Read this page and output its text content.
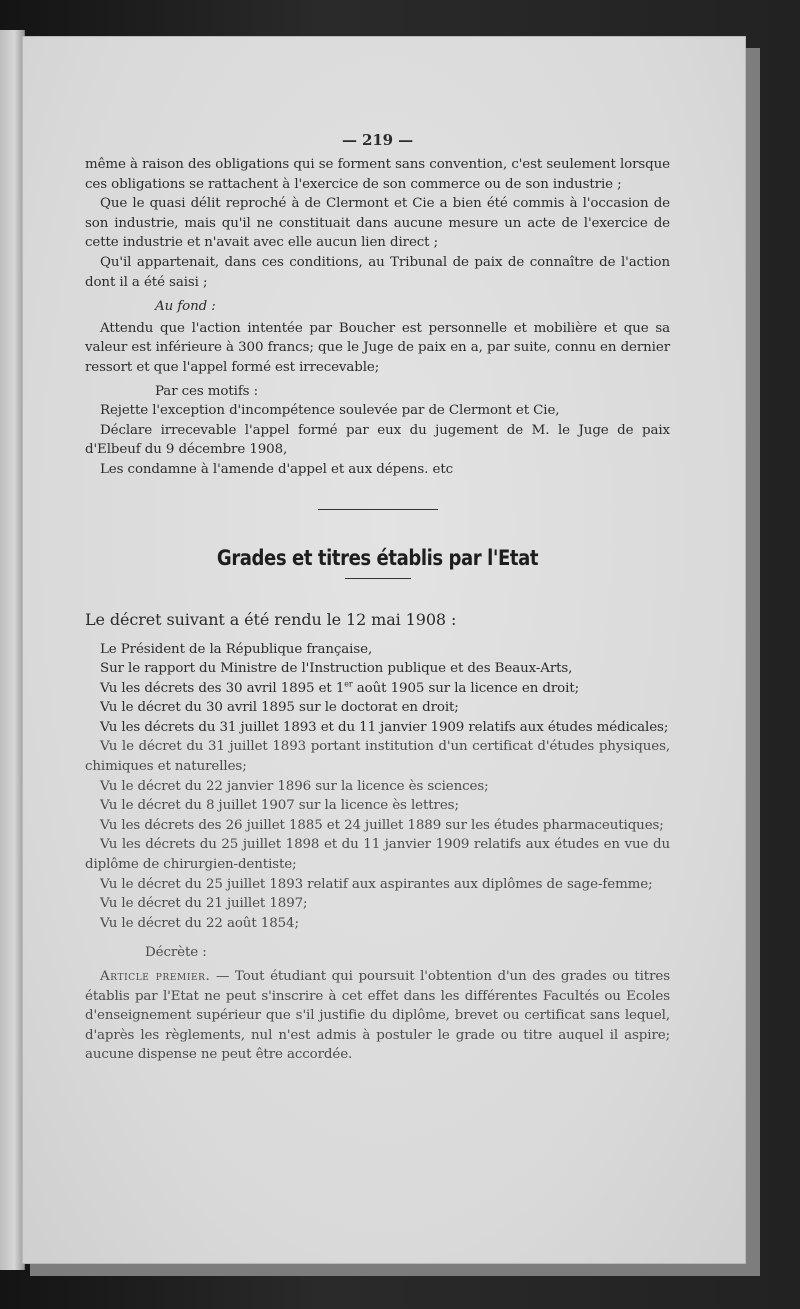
— 219 —

même à raison des obligations qui se forment sans convention, c'est seulement lorsque ces obligations se rattachent à l'exercice de son commerce ou de son industrie ;

Que le quasi délit reproché à de Clermont et Cie a bien été commis à l'occasion de son industrie, mais qu'il ne constituait dans aucune mesure un acte de l'exercice de cette industrie et n'avait avec elle aucun lien direct ;

Qu'il appartenait, dans ces conditions, au Tribunal de paix de connaître de l'action dont il a été saisi ;

Au fond :

Attendu que l'action intentée par Boucher est personnelle et mobilière et que sa valeur est inférieure à 300 francs; que le Juge de paix en a, par suite, connu en dernier ressort et que l'appel formé est irrecevable;

Par ces motifs :

Rejette l'exception d'incompétence soulevée par de Clermont et Cie,

Déclare irrecevable l'appel formé par eux du jugement de M. le Juge de paix d'Elbeuf du 9 décembre 1908,

Les condamne à l'amende d'appel et aux dépens. etc

Grades et titres établis par l'Etat

Le décret suivant a été rendu le 12 mai 1908 :

Le Président de la République française,

Sur le rapport du Ministre de l'Instruction publique et des Beaux-Arts,

Vu les décrets des 30 avril 1895 et 1er août 1905 sur la licence en droit;

Vu le décret du 30 avril 1895 sur le doctorat en droit;

Vu les décrets du 31 juillet 1893 et du 11 janvier 1909 relatifs aux études médicales;

Vu le décret du 31 juillet 1893 portant institution d'un certificat d'études physiques, chimiques et naturelles;

Vu le décret du 22 janvier 1896 sur la licence ès sciences;

Vu le décret du 8 juillet 1907 sur la licence ès lettres;

Vu les décrets des 26 juillet 1885 et 24 juillet 1889 sur les études pharmaceutiques;

Vu les décrets du 25 juillet 1898 et du 11 janvier 1909 relatifs aux études en vue du diplôme de chirurgien-dentiste;

Vu le décret du 25 juillet 1893 relatif aux aspirantes aux diplômes de sage-femme;

Vu le décret du 21 juillet 1897;

Vu le décret du 22 août 1854;

Décrète :

Article premier. — Tout étudiant qui poursuit l'obtention d'un des grades ou titres établis par l'Etat ne peut s'inscrire à cet effet dans les différentes Facultés ou Ecoles d'enseignement supérieur que s'il justifie du diplôme, brevet ou certificat sans lequel, d'après les règlements, nul n'est admis à postuler le grade ou titre auquel il aspire; aucune dispense ne peut être accordée.
